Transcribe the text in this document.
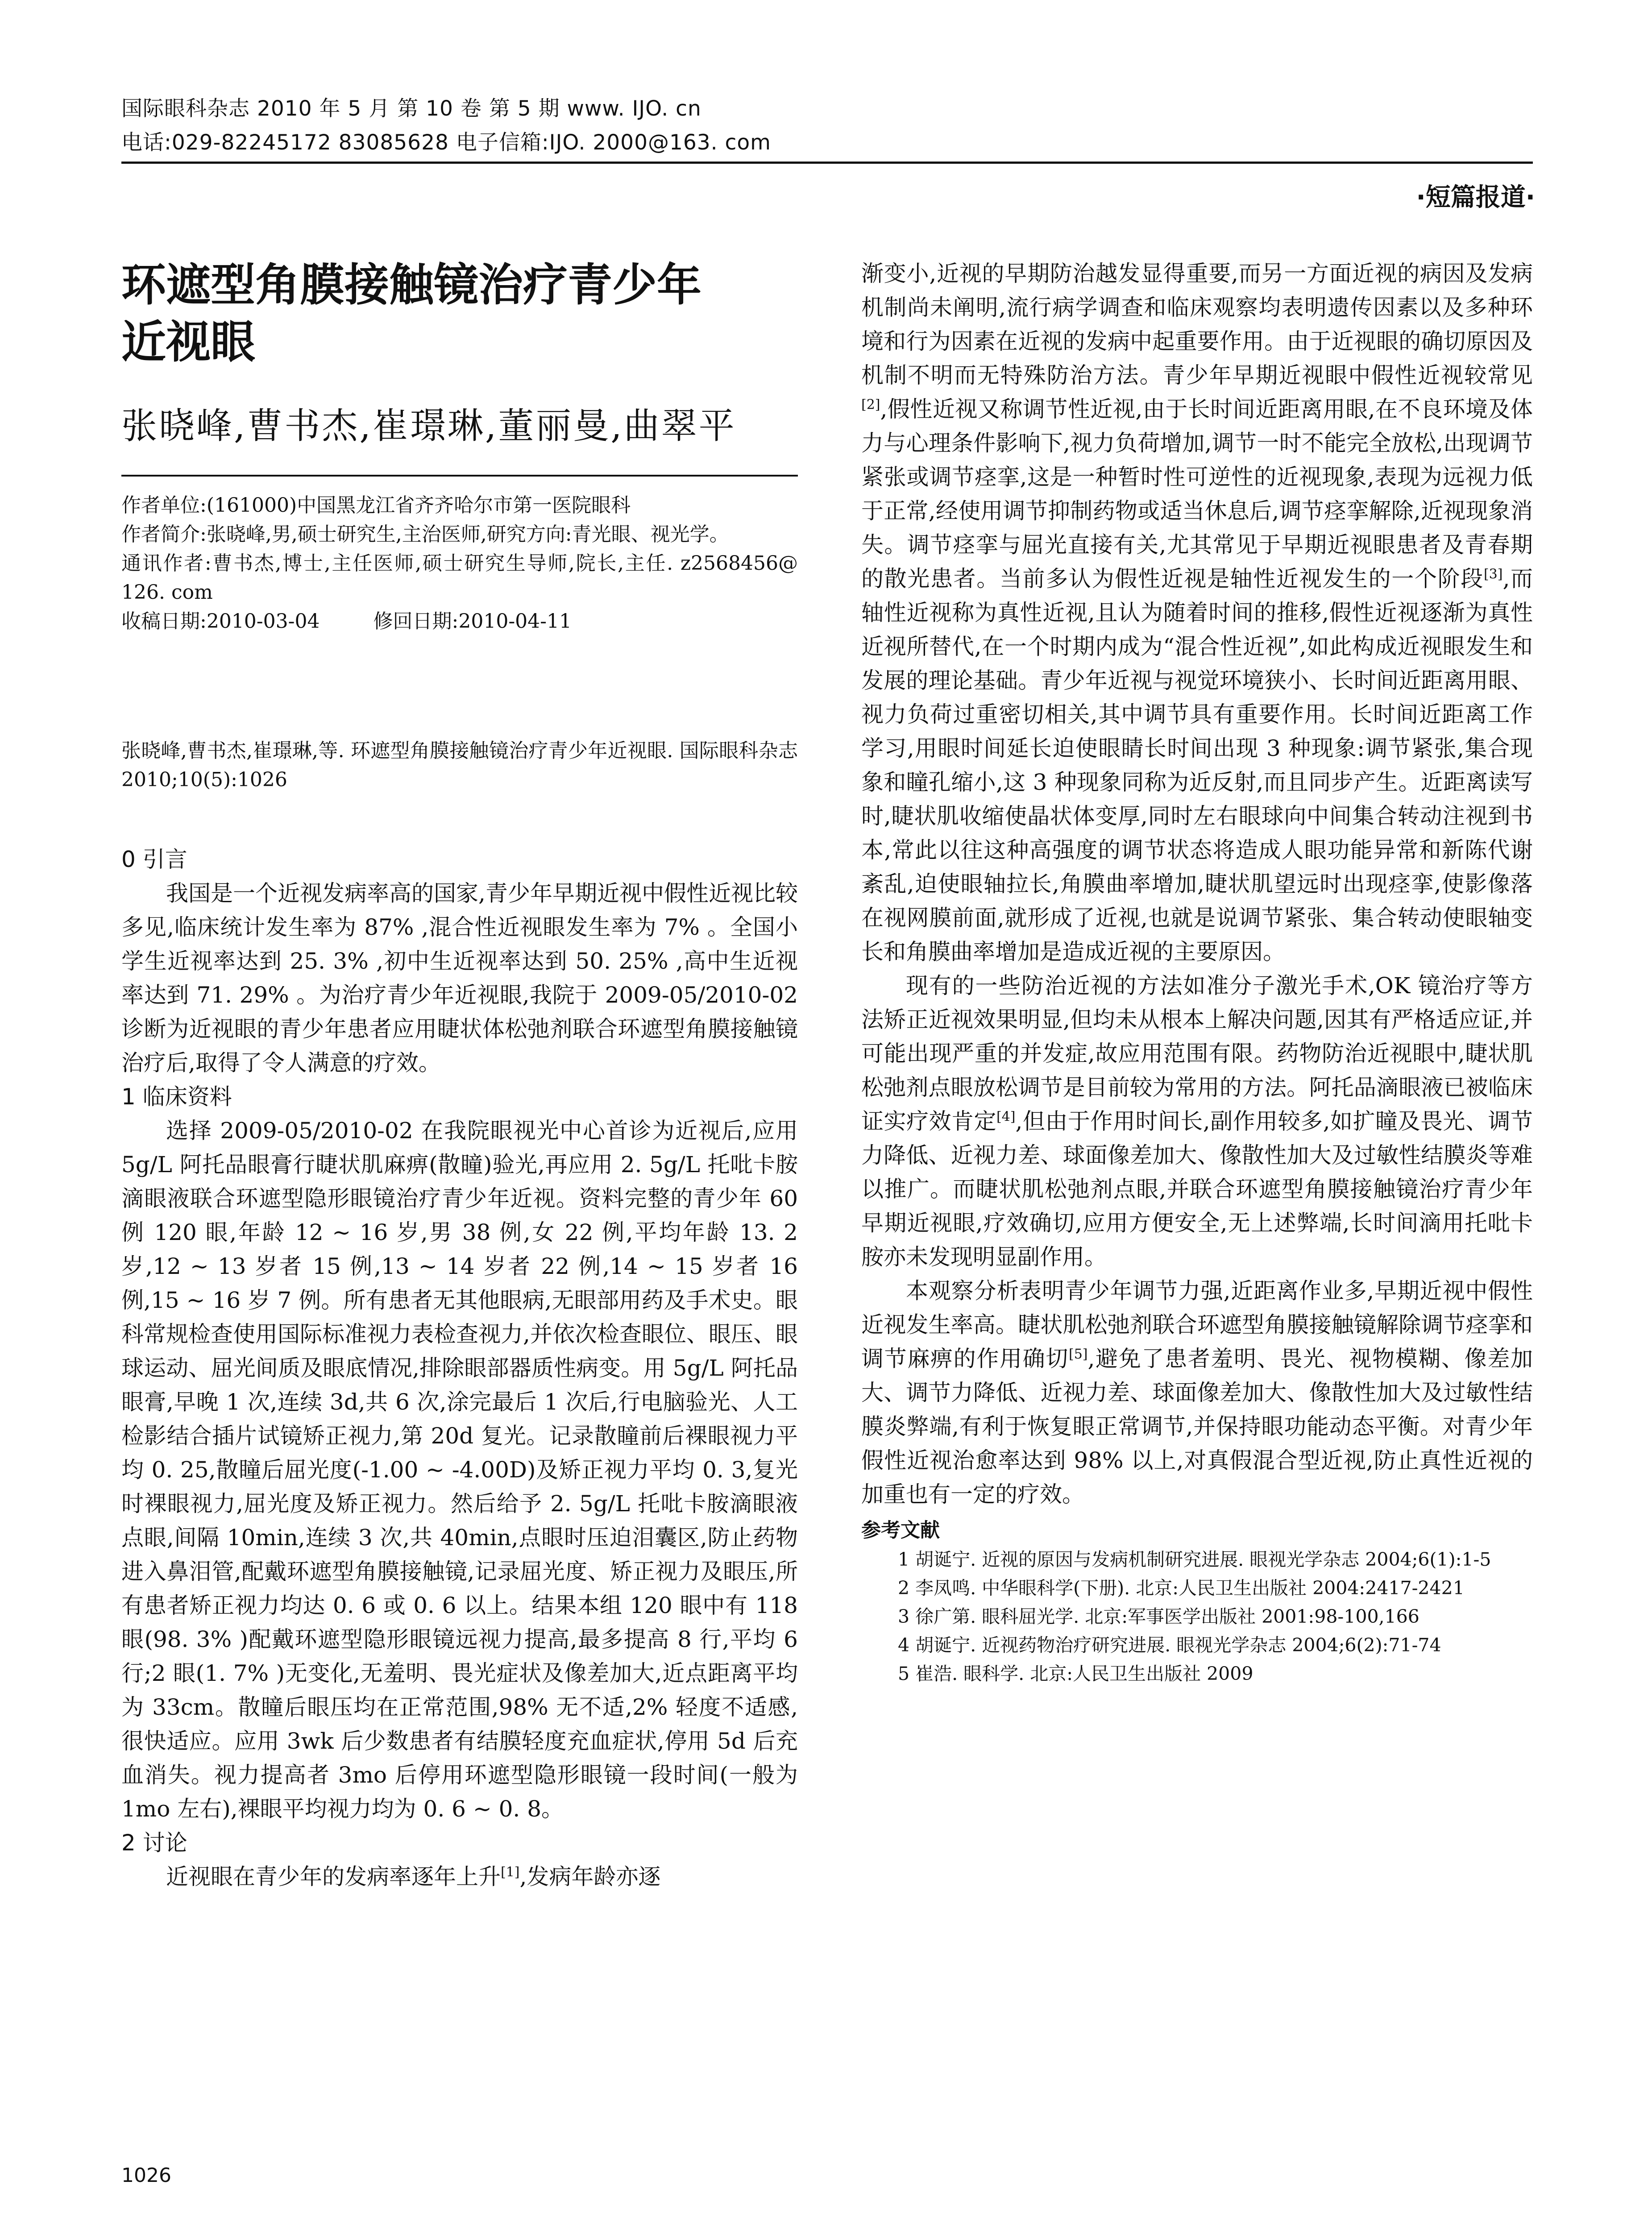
国际眼科杂志 2010 年 5 月 第 10 卷 第 5 期 www. IJO. cn
电话:029-82245172 83085628 电子信箱:IJO. 2000@163. com
·短篇报道·
环遮型角膜接触镜治疗青少年
近视眼
张晓峰,曹书杰,崔璟琳,董丽曼,曲翠平

作者单位:(161000)中国黑龙江省齐齐哈尔市第一医院眼科

作者简介:张晓峰,男,硕士研究生,主治医师,研究方向:青光眼、视光学。

通讯作者:曹书杰,博士,主任医师,硕士研究生导师,院长,主任. z2568456@ 126. com

收稿日期:2010-03-04	修回日期:2010-04-11

张晓峰,曹书杰,崔璟琳,等. 环遮型角膜接触镜治疗青少年近视眼. 国际眼科杂志 2010;10(5):1026

0 引言

我国是一个近视发病率高的国家,青少年早期近视中假性近视比较多见,临床统计发生率为 87% ,混合性近视眼发生率为 7% 。全国小学生近视率达到 25. 3% ,初中生近视率达到 50. 25% ,高中生近视率达到 71. 29% 。为治疗青少年近视眼,我院于 2009-05/2010-02 诊断为近视眼的青少年患者应用睫状体松弛剂联合环遮型角膜接触镜治疗后,取得了令人满意的疗效。

1 临床资料

选择 2009-05/2010-02 在我院眼视光中心首诊为近视后,应用 5g/L 阿托品眼膏行睫状肌麻痹(散瞳)验光,再应用 2. 5g/L 托吡卡胺滴眼液联合环遮型隐形眼镜治疗青少年近视。资料完整的青少年 60 例 120 眼,年龄 12 ~ 16 岁,男 38 例,女 22 例,平均年龄 13. 2 岁,12 ~ 13 岁者 15 例,13 ~ 14 岁者 22 例,14 ~ 15 岁者 16 例,15 ~ 16 岁 7 例。所有患者无其他眼病,无眼部用药及手术史。眼科常规检查使用国际标准视力表检查视力,并依次检查眼位、眼压、眼球运动、屈光间质及眼底情况,排除眼部器质性病变。用 5g/L 阿托品眼膏,早晚 1 次,连续 3d,共 6 次,涂完最后 1 次后,行电脑验光、人工检影结合插片试镜矫正视力,第 20d 复光。记录散瞳前后裸眼视力平均 0. 25,散瞳后屈光度(-1.00 ~ -4.00D)及矫正视力平均 0. 3,复光时裸眼视力,屈光度及矫正视力。然后给予 2. 5g/L 托吡卡胺滴眼液点眼,间隔 10min,连续 3 次,共 40min,点眼时压迫泪囊区,防止药物进入鼻泪管,配戴环遮型角膜接触镜,记录屈光度、矫正视力及眼压,所有患者矫正视力均达 0. 6 或 0. 6 以上。结果本组 120 眼中有 118 眼(98. 3% )配戴环遮型隐形眼镜远视力提高,最多提高 8 行,平均 6 行;2 眼(1. 7% )无变化,无羞明、畏光症状及像差加大,近点距离平均为 33cm。散瞳后眼压均在正常范围,98% 无不适,2% 轻度不适感,很快适应。应用 3wk 后少数患者有结膜轻度充血症状,停用 5d 后充血消失。视力提高者 3mo 后停用环遮型隐形眼镜一段时间(一般为 1mo 左右),裸眼平均视力均为 0. 6 ~ 0. 8。

2 讨论

近视眼在青少年的发病率逐年上升[1],发病年龄亦逐

渐变小,近视的早期防治越发显得重要,而另一方面近视的病因及发病机制尚未阐明,流行病学调查和临床观察均表明遗传因素以及多种环境和行为因素在近视的发病中起重要作用。由于近视眼的确切原因及机制不明而无特殊防治方法。青少年早期近视眼中假性近视较常见[2],假性近视又称调节性近视,由于长时间近距离用眼,在不良环境及体力与心理条件影响下,视力负荷增加,调节一时不能完全放松,出现调节紧张或调节痉挛,这是一种暂时性可逆性的近视现象,表现为远视力低于正常,经使用调节抑制药物或适当休息后,调节痉挛解除,近视现象消失。调节痉挛与屈光直接有关,尤其常见于早期近视眼患者及青春期的散光患者。当前多认为假性近视是轴性近视发生的一个阶段[3],而轴性近视称为真性近视,且认为随着时间的推移,假性近视逐渐为真性近视所替代,在一个时期内成为“混合性近视”,如此构成近视眼发生和发展的理论基础。青少年近视与视觉环境狭小、长时间近距离用眼、视力负荷过重密切相关,其中调节具有重要作用。长时间近距离工作学习,用眼时间延长迫使眼睛长时间出现 3 种现象:调节紧张,集合现象和瞳孔缩小,这 3 种现象同称为近反射,而且同步产生。近距离读写时,睫状肌收缩使晶状体变厚,同时左右眼球向中间集合转动注视到书本,常此以往这种高强度的调节状态将造成人眼功能异常和新陈代谢紊乱,迫使眼轴拉长,角膜曲率增加,睫状肌望远时出现痉挛,使影像落在视网膜前面,就形成了近视,也就是说调节紧张、集合转动使眼轴变长和角膜曲率增加是造成近视的主要原因。

现有的一些防治近视的方法如准分子激光手术,OK 镜治疗等方法矫正近视效果明显,但均未从根本上解决问题,因其有严格适应证,并可能出现严重的并发症,故应用范围有限。药物防治近视眼中,睫状肌松弛剂点眼放松调节是目前较为常用的方法。阿托品滴眼液已被临床证实疗效肯定[4],但由于作用时间长,副作用较多,如扩瞳及畏光、调节力降低、近视力差、球面像差加大、像散性加大及过敏性结膜炎等难以推广。而睫状肌松弛剂点眼,并联合环遮型角膜接触镜治疗青少年早期近视眼,疗效确切,应用方便安全,无上述弊端,长时间滴用托吡卡胺亦未发现明显副作用。

本观察分析表明青少年调节力强,近距离作业多,早期近视中假性近视发生率高。睫状肌松弛剂联合环遮型角膜接触镜解除调节痉挛和调节麻痹的作用确切[5],避免了患者羞明、畏光、视物模糊、像差加大、调节力降低、近视力差、球面像差加大、像散性加大及过敏性结膜炎弊端,有利于恢复眼正常调节,并保持眼功能动态平衡。对青少年假性近视治愈率达到 98% 以上,对真假混合型近视,防止真性近视的加重也有一定的疗效。

参考文献

1 胡诞宁. 近视的原因与发病机制研究进展. 眼视光学杂志 2004;6(1):1-5

2 李凤鸣. 中华眼科学(下册). 北京:人民卫生出版社 2004:2417-2421

3 徐广第. 眼科屈光学. 北京:军事医学出版社 2001:98-100,166

4 胡诞宁. 近视药物治疗研究进展. 眼视光学杂志 2004;6(2):71-74

5 崔浩. 眼科学. 北京:人民卫生出版社 2009

1026
